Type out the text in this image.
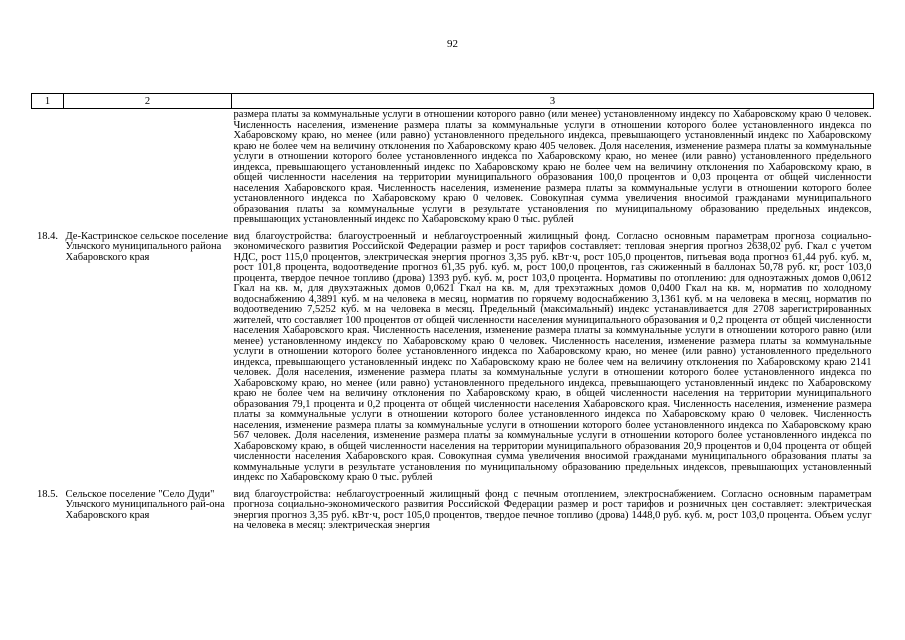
92
1	2	3
		размера платы за коммунальные услуги в отношении которого равно (или менее) установленному индексу по Хабаровскому краю 0 человек. Численность населения, изменение размера платы за коммунальные услуги в отношении которого более установленного индекса по Хабаровскому краю, но менее (или равно) установленного предельного индекса, превышающего установленный индекс по Хабаровскому краю не более чем на величину отклонения по Хабаровскому краю 405 человек. Доля населения, изменение размера платы за коммунальные услуги в отношении которого более установленного индекса по Хабаровскому краю, но менее (или равно) установленного предельного индекса, превышающего установленный индекс по Хабаровскому краю не более чем на величину отклонения по Хабаровскому краю, в общей численности населения на территории муниципального образования 100,0 процентов и 0,03 процента от общей численности населения Хабаровского края. Численность населения, изменение размера платы за коммунальные услуги в отношении которого более установленного индекса по Хабаровскому краю 0 человек. Совокупная сумма увеличения вносимой гражданами муниципального образования платы за коммунальные услуги в результате установления по муниципальному образованию предельных индексов, превышающих установленный индекс по Хабаровскому краю 0 тыс. рублей

18.4.	Де-Кастринское сельское поселение Ульчского муниципального района Хабаровского края	вид благоустройства: благоустроенный и неблагоустроенный жилищный фонд. Согласно основным параметрам прогноза социально-экономического развития Российской Федерации размер и рост тарифов составляет: тепловая энергия прогноз 2638,02 руб. Гкал с учетом НДС, рост 115,0 процентов, электрическая энергия прогноз 3,35 руб. кВт·ч, рост 105,0 процентов, питьевая вода прогноз 61,44 руб. куб. м, рост 101,8 процента, водоотведение прогноз 61,35 руб. куб. м, рост 100,0 процентов, газ сжиженный в баллонах 50,78 руб. кг, рост 103,0 процента, твердое печное топливо (дрова) 1393 руб. куб. м, рост 103,0 процента. Нормативы по отоплению: для одноэтажных домов 0,0612 Гкал на кв. м, для двухэтажных домов 0,0621 Гкал на кв. м, для трехэтажных домов 0,0400 Гкал на кв. м, норматив по холодному водоснабжению 4,3891 куб. м на человека в месяц, норматив по горячему водоснабжению 3,1361 куб. м на человека в месяц, норматив по водоотведению 7,5252 куб. м на человека в месяц. Предельный (максимальный) индекс устанавливается для 2708 зарегистрированных жителей, что составляет 100 процентов от общей численности населения муниципального образования и 0,2 процента от общей численности населения Хабаровского края. Численность населения, изменение размера платы за коммунальные услуги в отношении которого равно (или менее) установленному индексу по Хабаровскому краю 0 человек. Численность населения, изменение размера платы за коммунальные услуги в отношении которого более установленного индекса по Хабаровскому краю, но менее (или равно) установленного предельного индекса, превышающего установленный индекс по Хабаровскому краю не более чем на величину отклонения по Хабаровскому краю 2141 человек. Доля населения, изменение размера платы за коммунальные услуги в отношении которого более установленного индекса по Хабаровскому краю, но менее (или равно) установленного предельного индекса, превышающего установленный индекс по Хабаровскому краю не более чем на величину отклонения по Хабаровскому краю, в общей численности населения на территории муниципального образования 79,1 процента и 0,2 процента от общей численности населения Хабаровского края. Численность населения, изменение размера платы за коммунальные услуги в отношении которого более установленного индекса по Хабаровскому краю 0 человек. Численность населения, изменение размера платы за коммунальные услуги в отношении которого более установленного индекса по Хабаровскому краю 567 человек. Доля населения, изменение размера платы за коммунальные услуги в отношении которого более установленного индекса по Хабаровскому краю, в общей численности населения на территории муниципального образования 20,9 процентов и 0,04 процента от общей численности населения Хабаровского края. Совокупная сумма увеличения вносимой гражданами муниципального образования платы за коммунальные услуги в результате установления по муниципальному образованию предельных индексов, превышающих установленный индекс по Хабаровскому краю 0 тыс. рублей

18.5.	Сельское поселение "Село Дуди" Ульчского муниципального рай-она Хабаровского края	вид благоустройства: неблагоустроенный жилищный фонд с печным отоплением, электроснабжением. Согласно основным параметрам прогноза социально-экономического развития Российской Федерации размер и рост тарифов и розничных цен составляет: электрическая энергия прогноз 3,35 руб. кВт·ч, рост 105,0 процентов, твердое печное топливо (дрова) 1448,0 руб. куб. м, рост 103,0 процента. Объем услуг на человека в месяц: электрическая энергия
